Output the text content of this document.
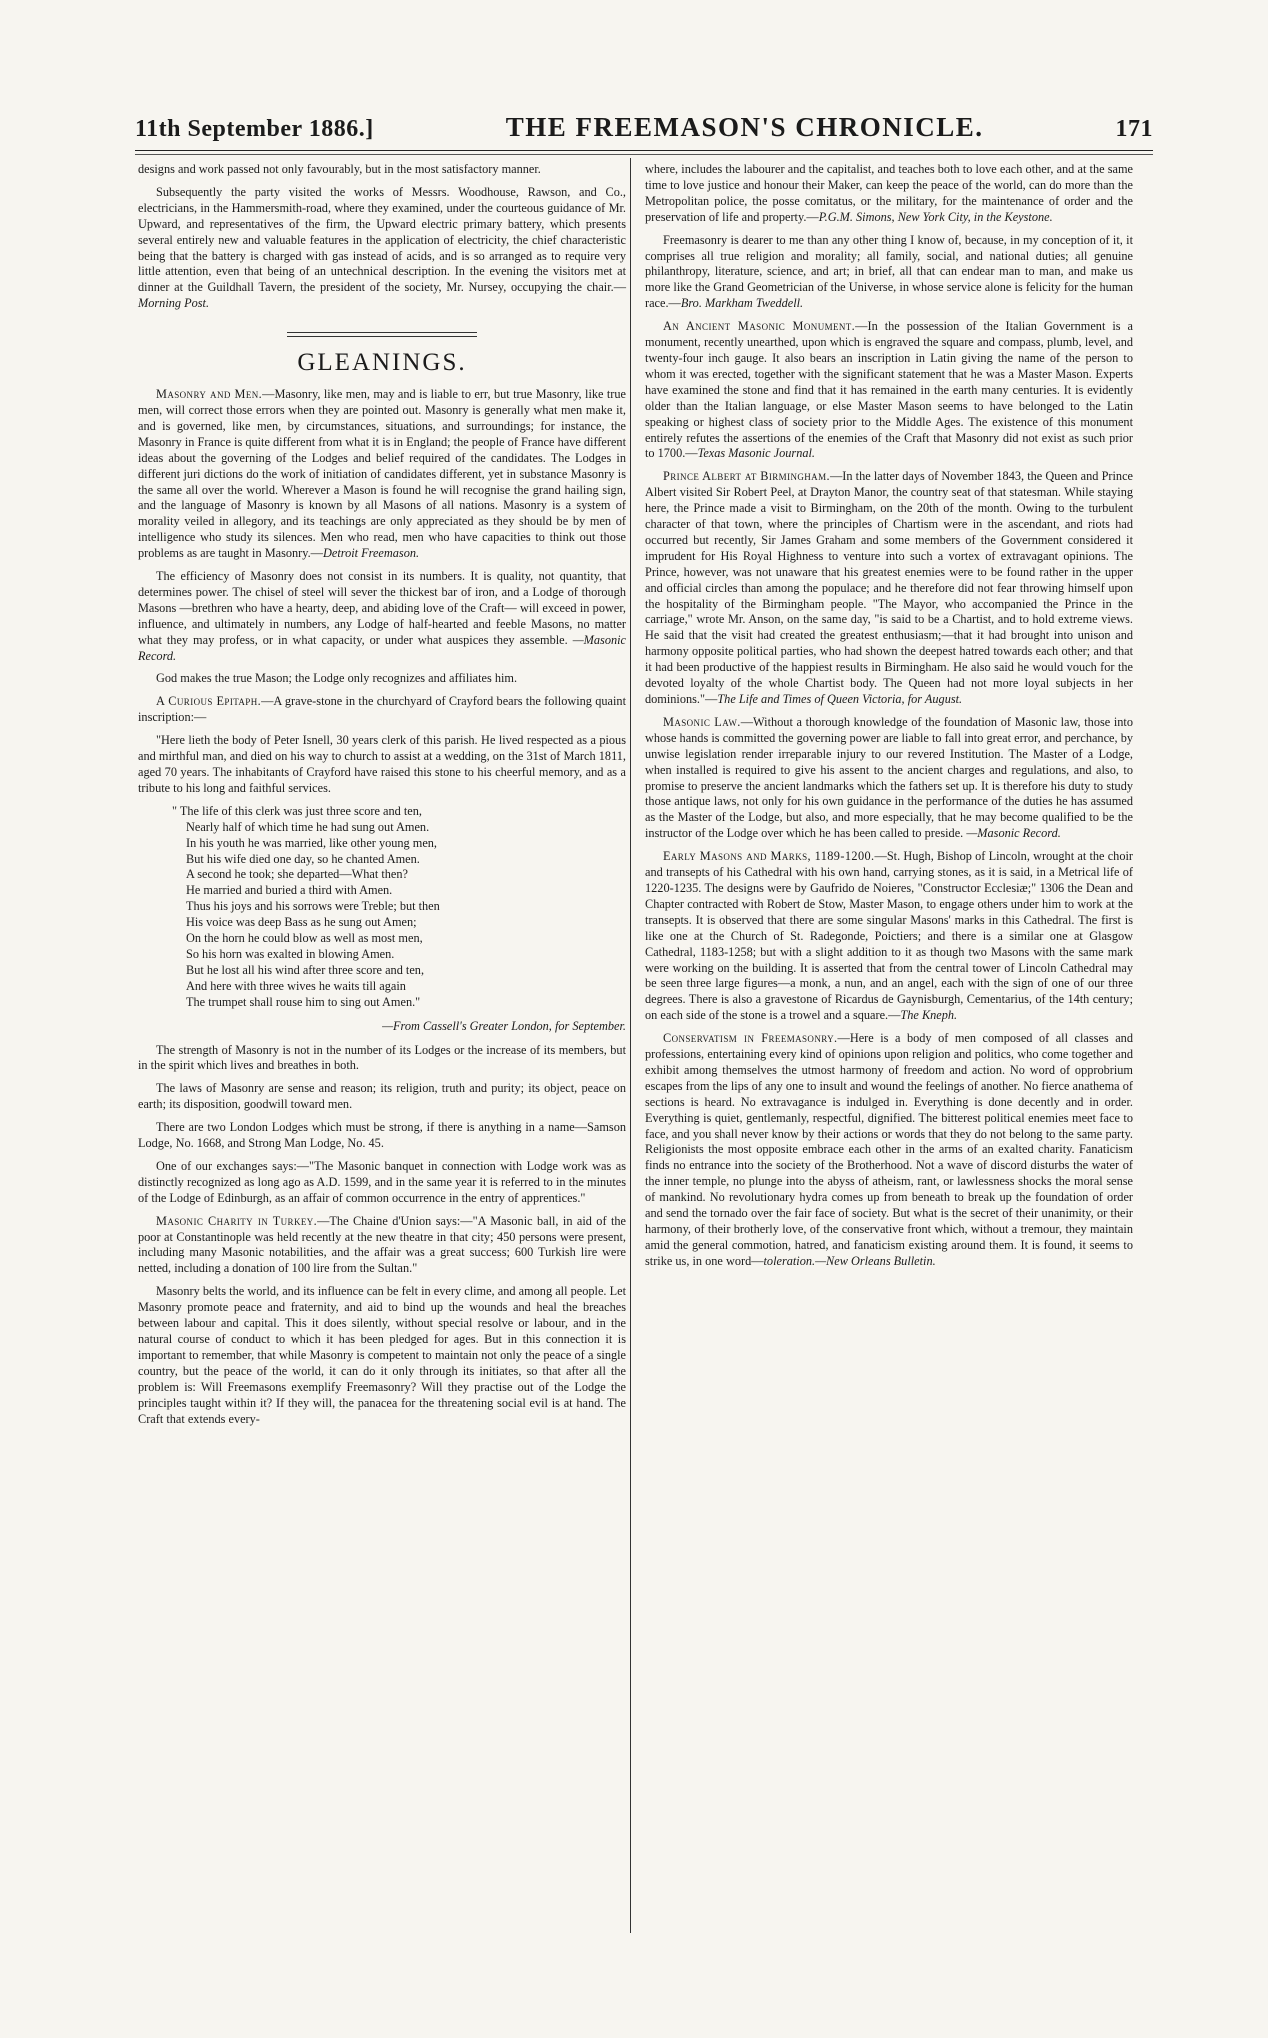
11th September 1886.]	THE FREEMASON'S CHRONICLE.	171

designs and work passed not only favourably, but in the most satisfactory manner.

Subsequently the party visited the works of Messrs. Woodhouse, Rawson, and Co., electricians, in the Hammersmith-road, where they examined, under the courteous guidance of Mr. Upward, and representatives of the firm, the Upward electric primary battery, which presents several entirely new and valuable features in the application of electricity, the chief characteristic being that the battery is charged with gas instead of acids, and is so arranged as to require very little attention, even that being of an untechnical description. In the evening the visitors met at dinner at the Guildhall Tavern, the president of the society, Mr. Nursey, occupying the chair.—Morning Post.

GLEANINGS.

Masonry and Men.—Masonry, like men, may and is liable to err, but true Masonry, like true men, will correct those errors when they are pointed out. Masonry is generally what men make it, and is governed, like men, by circumstances, situations, and surroundings; for instance, the Masonry in France is quite different from what it is in England; the people of France have different ideas about the governing of the Lodges and belief required of the candidates. The Lodges in different juri dictions do the work of initiation of candidates different, yet in substance Masonry is the same all over the world. Wherever a Mason is found he will recognise the grand hailing sign, and the language of Masonry is known by all Masons of all nations. Masonry is a system of morality veiled in allegory, and its teachings are only appreciated as they should be by men of intelligence who study its silences. Men who read, men who have capacities to think out those problems as are taught in Masonry.—Detroit Freemason.

The efficiency of Masonry does not consist in its numbers. It is quality, not quantity, that determines power. The chisel of steel will sever the thickest bar of iron, and a Lodge of thorough Masons —brethren who have a hearty, deep, and abiding love of the Craft— will exceed in power, influence, and ultimately in numbers, any Lodge of half-hearted and feeble Masons, no matter what they may profess, or in what capacity, or under what auspices they assemble. —Masonic Record.

God makes the true Mason; the Lodge only recognizes and affiliates him.

A Curious Epitaph.—A grave-stone in the churchyard of Crayford bears the following quaint inscription:—

"Here lieth the body of Peter Isnell, 30 years clerk of this parish. He lived respected as a pious and mirthful man, and died on his way to church to assist at a wedding, on the 31st of March 1811, aged 70 years. The inhabitants of Crayford have raised this stone to his cheerful memory, and as a tribute to his long and faithful services.

" The life of this clerk was just three score and ten,
Nearly half of which time he had sung out Amen.
In his youth he was married, like other young men,
But his wife died one day, so he chanted Amen.
A second he took; she departed—What then?
He married and buried a third with Amen.
Thus his joys and his sorrows were Treble; but then
His voice was deep Bass as he sung out Amen;
On the horn he could blow as well as most men,
So his horn was exalted in blowing Amen.
But he lost all his wind after three score and ten,
And here with three wives he waits till again
The trumpet shall rouse him to sing out Amen."
—From Cassell's Greater London, for September.

The strength of Masonry is not in the number of its Lodges or the increase of its members, but in the spirit which lives and breathes in both.

The laws of Masonry are sense and reason; its religion, truth and purity; its object, peace on earth; its disposition, goodwill toward men.

There are two London Lodges which must be strong, if there is anything in a name—Samson Lodge, No. 1668, and Strong Man Lodge, No. 45.

One of our exchanges says:—"The Masonic banquet in connection with Lodge work was as distinctly recognized as long ago as A.D. 1599, and in the same year it is referred to in the minutes of the Lodge of Edinburgh, as an affair of common occurrence in the entry of apprentices."

Masonic Charity in Turkey.—The Chaine d'Union says:—"A Masonic ball, in aid of the poor at Constantinople was held recently at the new theatre in that city; 450 persons were present, including many Masonic notabilities, and the affair was a great success; 600 Turkish lire were netted, including a donation of 100 lire from the Sultan."

Masonry belts the world, and its influence can be felt in every clime, and among all people. Let Masonry promote peace and fraternity, and aid to bind up the wounds and heal the breaches between labour and capital. This it does silently, without special resolve or labour, and in the natural course of conduct to which it has been pledged for ages. But in this connection it is important to remember, that while Masonry is competent to maintain not only the peace of a single country, but the peace of the world, it can do it only through its initiates, so that after all the problem is: Will Freemasons exemplify Freemasonry? Will they practise out of the Lodge the principles taught within it? If they will, the panacea for the threatening social evil is at hand. The Craft that extends every-

where, includes the labourer and the capitalist, and teaches both to love each other, and at the same time to love justice and honour their Maker, can keep the peace of the world, can do more than the Metropolitan police, the posse comitatus, or the military, for the maintenance of order and the preservation of life and property.—P.G.M. Simons, New York City, in the Keystone.

Freemasonry is dearer to me than any other thing I know of, because, in my conception of it, it comprises all true religion and morality; all family, social, and national duties; all genuine philanthropy, literature, science, and art; in brief, all that can endear man to man, and make us more like the Grand Geometrician of the Universe, in whose service alone is felicity for the human race.—Bro. Markham Tweddell.

An Ancient Masonic Monument.—In the possession of the Italian Government is a monument, recently unearthed, upon which is engraved the square and compass, plumb, level, and twenty-four inch gauge. It also bears an inscription in Latin giving the name of the person to whom it was erected, together with the significant statement that he was a Master Mason. Experts have examined the stone and find that it has remained in the earth many centuries. It is evidently older than the Italian language, or else Master Mason seems to have belonged to the Latin speaking or highest class of society prior to the Middle Ages. The existence of this monument entirely refutes the assertions of the enemies of the Craft that Masonry did not exist as such prior to 1700.—Texas Masonic Journal.

Prince Albert at Birmingham.—In the latter days of November 1843, the Queen and Prince Albert visited Sir Robert Peel, at Drayton Manor, the country seat of that statesman. While staying here, the Prince made a visit to Birmingham, on the 20th of the month. Owing to the turbulent character of that town, where the principles of Chartism were in the ascendant, and riots had occurred but recently, Sir James Graham and some members of the Government considered it imprudent for His Royal Highness to venture into such a vortex of extravagant opinions. The Prince, however, was not unaware that his greatest enemies were to be found rather in the upper and official circles than among the populace; and he therefore did not fear throwing himself upon the hospitality of the Birmingham people. "The Mayor, who accompanied the Prince in the carriage," wrote Mr. Anson, on the same day, "is said to be a Chartist, and to hold extreme views. He said that the visit had created the greatest enthusiasm;—that it had brought into unison and harmony opposite political parties, who had shown the deepest hatred towards each other; and that it had been productive of the happiest results in Birmingham. He also said he would vouch for the devoted loyalty of the whole Chartist body. The Queen had not more loyal subjects in her dominions."—The Life and Times of Queen Victoria, for August.

Masonic Law.—Without a thorough knowledge of the foundation of Masonic law, those into whose hands is committed the governing power are liable to fall into great error, and perchance, by unwise legislation render irreparable injury to our revered Institution. The Master of a Lodge, when installed is required to give his assent to the ancient charges and regulations, and also, to promise to preserve the ancient landmarks which the fathers set up. It is therefore his duty to study those antique laws, not only for his own guidance in the performance of the duties he has assumed as the Master of the Lodge, but also, and more especially, that he may become qualified to be the instructor of the Lodge over which he has been called to preside. —Masonic Record.

Early Masons and Marks, 1189-1200.—St. Hugh, Bishop of Lincoln, wrought at the choir and transepts of his Cathedral with his own hand, carrying stones, as it is said, in a Metrical life of 1220-1235. The designs were by Gaufrido de Noieres, "Constructor Ecclesiæ;" 1306 the Dean and Chapter contracted with Robert de Stow, Master Mason, to engage others under him to work at the transepts. It is observed that there are some singular Masons' marks in this Cathedral. The first is like one at the Church of St. Radegonde, Poictiers; and there is a similar one at Glasgow Cathedral, 1183-1258; but with a slight addition to it as though two Masons with the same mark were working on the building. It is asserted that from the central tower of Lincoln Cathedral may be seen three large figures—a monk, a nun, and an angel, each with the sign of one of our three degrees. There is also a gravestone of Ricardus de Gaynisburgh, Cementarius, of the 14th century; on each side of the stone is a trowel and a square.—The Kneph.

Conservatism in Freemasonry.—Here is a body of men composed of all classes and professions, entertaining every kind of opinions upon religion and politics, who come together and exhibit among themselves the utmost harmony of freedom and action. No word of opprobrium escapes from the lips of any one to insult and wound the feelings of another. No fierce anathema of sections is heard. No extravagance is indulged in. Everything is done decently and in order. Everything is quiet, gentlemanly, respectful, dignified. The bitterest political enemies meet face to face, and you shall never know by their actions or words that they do not belong to the same party. Religionists the most opposite embrace each other in the arms of an exalted charity. Fanaticism finds no entrance into the society of the Brotherhood. Not a wave of discord disturbs the water of the inner temple, no plunge into the abyss of atheism, rant, or lawlessness shocks the moral sense of mankind. No revolutionary hydra comes up from beneath to break up the foundation of order and send the tornado over the fair face of society. But what is the secret of their unanimity, or their harmony, of their brotherly love, of the conservative front which, without a tremour, they maintain amid the general commotion, hatred, and fanaticism existing around them. It is found, it seems to strike us, in one word—toleration.—New Orleans Bulletin.
